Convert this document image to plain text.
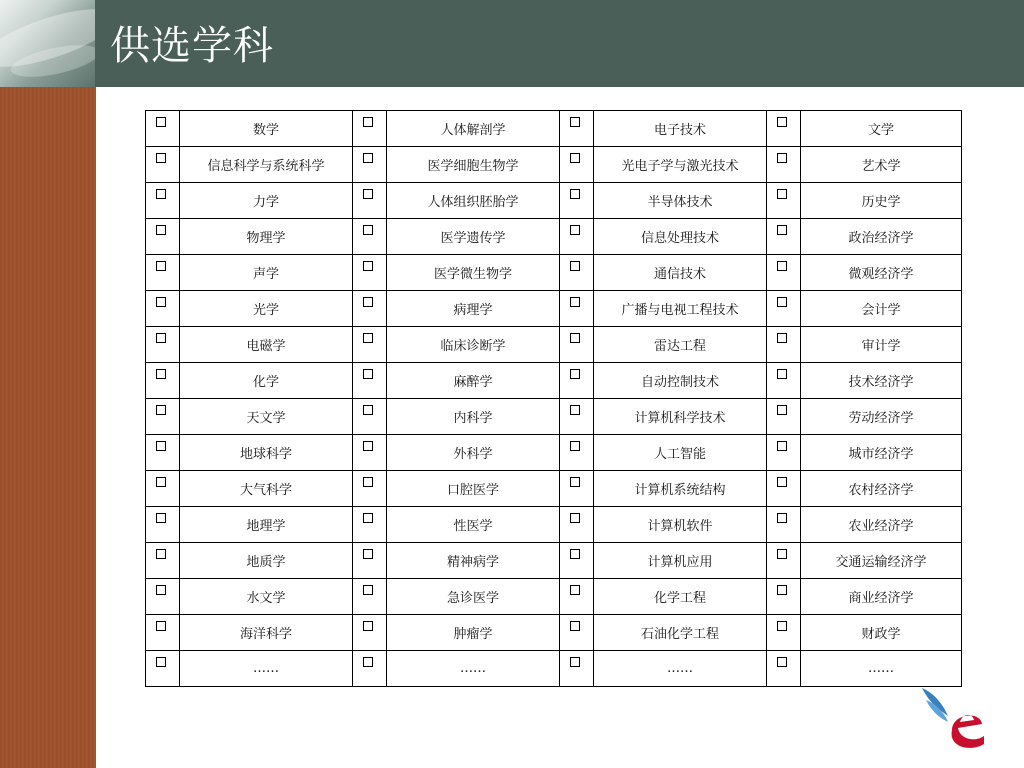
供选学科
	数学		人体解剖学		电子技术		文学

	信息科学与系统科学		医学细胞生物学		光电子学与激光技术		艺术学

	力学		人体组织胚胎学		半导体技术		历史学

	物理学		医学遗传学		信息处理技术		政治经济学

	声学		医学微生物学		通信技术		微观经济学

	光学		病理学		广播与电视工程技术		会计学

	电磁学		临床诊断学		雷达工程		审计学

	化学		麻醉学		自动控制技术		技术经济学

	天文学		内科学		计算机科学技术		劳动经济学

	地球科学		外科学		人工智能		城市经济学

	大气科学		口腔医学		计算机系统结构		农村经济学

	地理学		性医学		计算机软件		农业经济学

	地质学		精神病学		计算机应用		交通运输经济学

	水文学		急诊医学		化学工程		商业经济学

	海洋科学		肿瘤学		石油化学工程		财政学

	……		……		……		……
